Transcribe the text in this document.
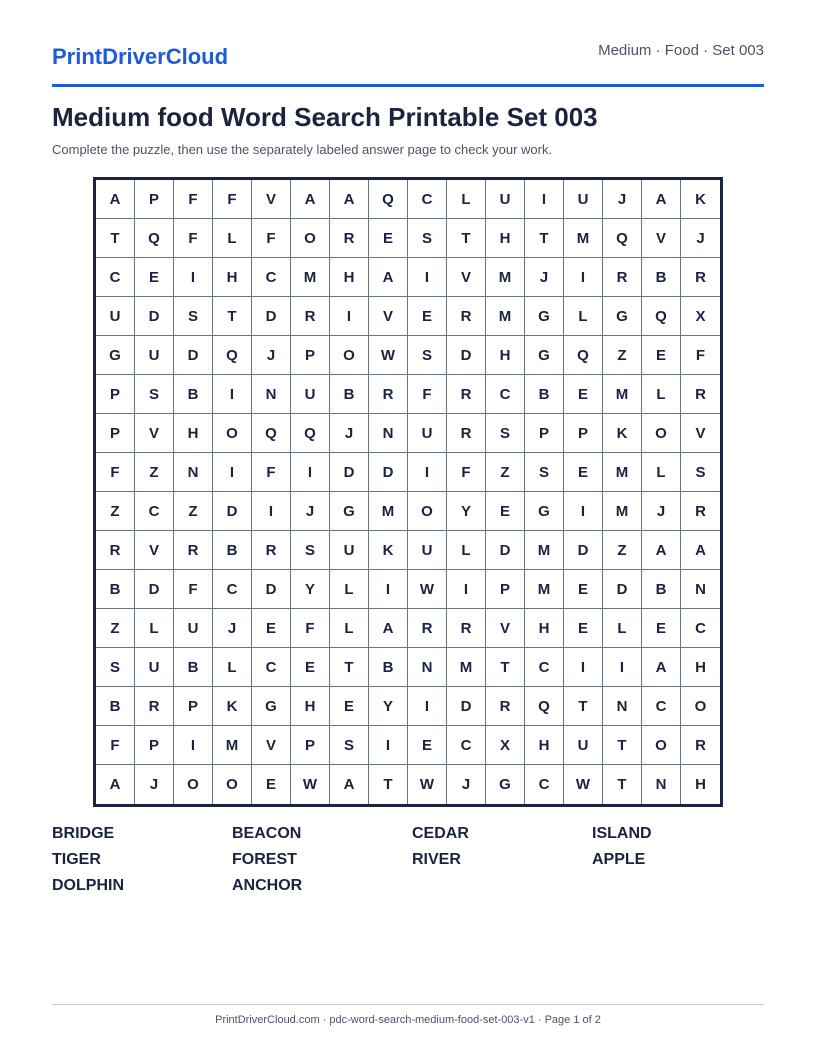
PrintDriverCloud	Medium · Food · Set 003
Medium food Word Search Printable Set 003
Complete the puzzle, then use the separately labeled answer page to check your work.
A	P	F	F	V	A	A	Q	C	L	U	I	U	J	A	K
T	Q	F	L	F	O	R	E	S	T	H	T	M	Q	V	J
C	E	I	H	C	M	H	A	I	V	M	J	I	R	B	R
U	D	S	T	D	R	I	V	E	R	M	G	L	G	Q	X
G	U	D	Q	J	P	O	W	S	D	H	G	Q	Z	E	F
P	S	B	I	N	U	B	R	F	R	C	B	E	M	L	R
P	V	H	O	Q	Q	J	N	U	R	S	P	P	K	O	V
F	Z	N	I	F	I	D	D	I	F	Z	S	E	M	L	S
Z	C	Z	D	I	J	G	M	O	Y	E	G	I	M	J	R
R	V	R	B	R	S	U	K	U	L	D	M	D	Z	A	A
B	D	F	C	D	Y	L	I	W	I	P	M	E	D	B	N
Z	L	U	J	E	F	L	A	R	R	V	H	E	L	E	C
S	U	B	L	C	E	T	B	N	M	T	C	I	I	A	H
B	R	P	K	G	H	E	Y	I	D	R	Q	T	N	C	O
F	P	I	M	V	P	S	I	E	C	X	H	U	T	O	R
A	J	O	O	E	W	A	T	W	J	G	C	W	T	N	H
BRIDGE	BEACON	CEDAR	ISLAND
TIGER	FOREST	RIVER	APPLE
DOLPHIN	ANCHOR
PrintDriverCloud.com · pdc-word-search-medium-food-set-003-v1 · Page 1 of 2
